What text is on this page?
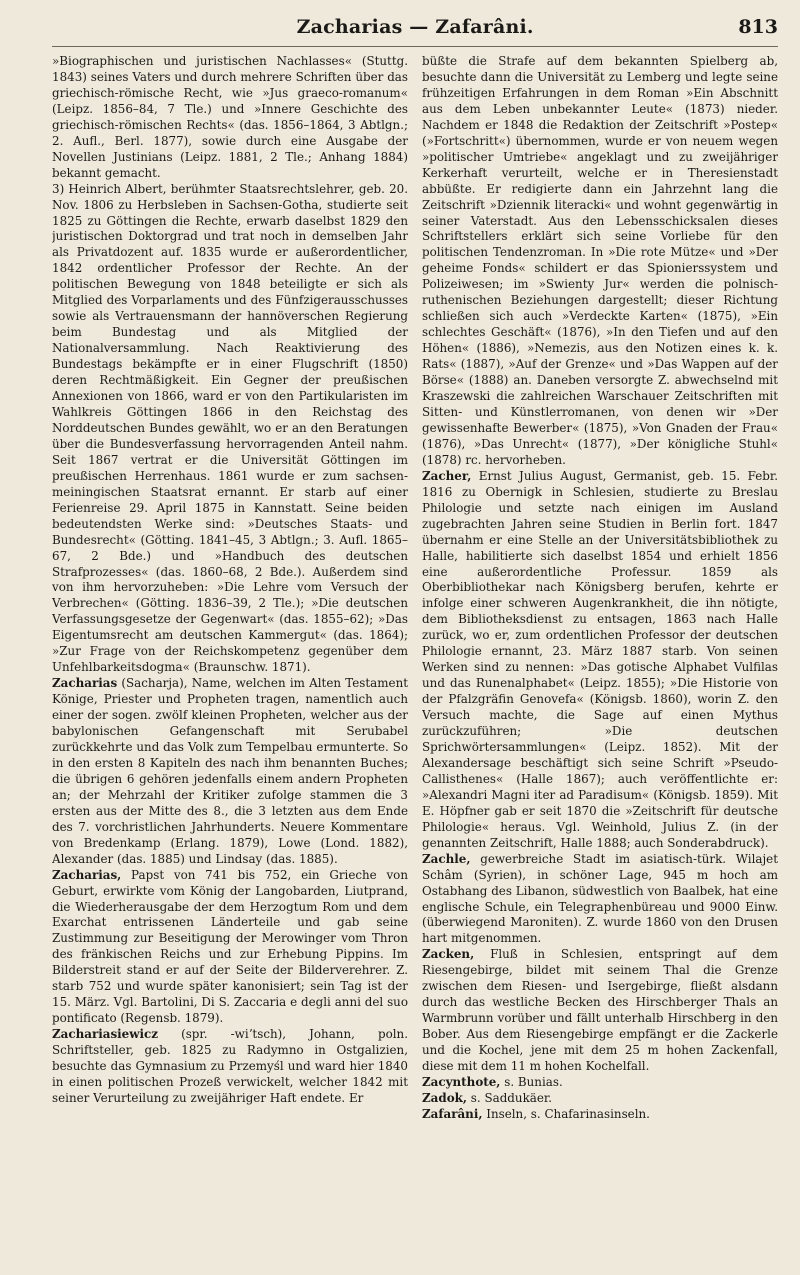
Zacharias — Zafarâni.	813

»Biographischen und juristischen Nachlasses« (Stuttg. 1843) seines Vaters und durch mehrere Schriften über das griechisch-römische Recht, wie »Jus graeco-romanum« (Leipz. 1856–84, 7 Tle.) und »Innere Geschichte des griechisch-römischen Rechts« (das. 1856–1864, 3 Abtlgn.; 2. Aufl., Berl. 1877), sowie durch eine Ausgabe der Novellen Justinians (Leipz. 1881, 2 Tle.; Anhang 1884) bekannt gemacht.

3) Heinrich Albert, berühmter Staatsrechtslehrer, geb. 20. Nov. 1806 zu Herbsleben in Sachsen-Gotha, studierte seit 1825 zu Göttingen die Rechte, erwarb daselbst 1829 den juristischen Doktorgrad und trat noch in demselben Jahr als Privatdozent auf. 1835 wurde er außerordentlicher, 1842 ordentlicher Professor der Rechte. An der politischen Bewegung von 1848 beteiligte er sich als Mitglied des Vorparlaments und des Fünfzigerausschusses sowie als Vertrauensmann der hannöverschen Regierung beim Bundestag und als Mitglied der Nationalversammlung. Nach Reaktivierung des Bundestags bekämpfte er in einer Flugschrift (1850) deren Rechtmäßigkeit. Ein Gegner der preußischen Annexionen von 1866, ward er von den Partikularisten im Wahlkreis Göttingen 1866 in den Reichstag des Norddeutschen Bundes gewählt, wo er an den Beratungen über die Bundesverfassung hervorragenden Anteil nahm. Seit 1867 vertrat er die Universität Göttingen im preußischen Herrenhaus. 1861 wurde er zum sachsen-meiningischen Staatsrat ernannt. Er starb auf einer Ferienreise 29. April 1875 in Kannstatt. Seine beiden bedeutendsten Werke sind: »Deutsches Staats- und Bundesrecht« (Götting. 1841–45, 3 Abtlgn.; 3. Aufl. 1865–67, 2 Bde.) und »Handbuch des deutschen Strafprozesses« (das. 1860–68, 2 Bde.). Außerdem sind von ihm hervorzuheben: »Die Lehre vom Versuch der Verbrechen« (Götting. 1836–39, 2 Tle.); »Die deutschen Verfassungsgesetze der Gegenwart« (das. 1855–62); »Das Eigentumsrecht am deutschen Kammergut« (das. 1864); »Zur Frage von der Reichskompetenz gegenüber dem Unfehlbarkeitsdogma« (Braunschw. 1871).

Zacharias (Sacharja), Name, welchen im Alten Testament Könige, Priester und Propheten tragen, namentlich auch einer der sogen. zwölf kleinen Propheten, welcher aus der babylonischen Gefangenschaft mit Serubabel zurückkehrte und das Volk zum Tempelbau ermunterte. So in den ersten 8 Kapiteln des nach ihm benannten Buches; die übrigen 6 gehören jedenfalls einem andern Propheten an; der Mehrzahl der Kritiker zufolge stammen die 3 ersten aus der Mitte des 8., die 3 letzten aus dem Ende des 7. vorchristlichen Jahrhunderts. Neuere Kommentare von Bredenkamp (Erlang. 1879), Lowe (Lond. 1882), Alexander (das. 1885) und Lindsay (das. 1885).

Zacharias, Papst von 741 bis 752, ein Grieche von Geburt, erwirkte vom König der Langobarden, Liutprand, die Wiederherausgabe der dem Herzogtum Rom und dem Exarchat entrissenen Länderteile und gab seine Zustimmung zur Beseitigung der Merowinger vom Thron des fränkischen Reichs und zur Erhebung Pippins. Im Bilderstreit stand er auf der Seite der Bilderverehrer. Z. starb 752 und wurde später kanonisiert; sein Tag ist der 15. März. Vgl. Bartolini, Di S. Zaccaria e degli anni del suo pontificato (Regensb. 1879).

Zachariasiewicz (spr. -wiʼtsch), Johann, poln. Schriftsteller, geb. 1825 zu Radymno in Ostgalizien, besuchte das Gymnasium zu Przemyśl und ward hier 1840 in einen politischen Prozeß verwickelt, welcher 1842 mit seiner Verurteilung zu zweijähriger Haft endete. Er

büßte die Strafe auf dem bekannten Spielberg ab, besuchte dann die Universität zu Lemberg und legte seine frühzeitigen Erfahrungen in dem Roman »Ein Abschnitt aus dem Leben unbekannter Leute« (1873) nieder. Nachdem er 1848 die Redaktion der Zeitschrift »Postep« (»Fortschritt«) übernommen, wurde er von neuem wegen »politischer Umtriebe« angeklagt und zu zweijähriger Kerkerhaft verurteilt, welche er in Theresienstadt abbüßte. Er redigierte dann ein Jahrzehnt lang die Zeitschrift »Dziennik literacki« und wohnt gegenwärtig in seiner Vaterstadt. Aus den Lebensschicksalen dieses Schriftstellers erklärt sich seine Vorliebe für den politischen Tendenzroman. In »Die rote Mütze« und »Der geheime Fonds« schildert er das Spionierssystem und Polizeiwesen; im »Swienty Jur« werden die polnisch-ruthenischen Beziehungen dargestellt; dieser Richtung schließen sich auch »Verdeckte Karten« (1875), »Ein schlechtes Geschäft« (1876), »In den Tiefen und auf den Höhen« (1886), »Nemezis, aus den Notizen eines k. k. Rats« (1887), »Auf der Grenze« und »Das Wappen auf der Börse« (1888) an. Daneben versorgte Z. abwechselnd mit Kraszewski die zahlreichen Warschauer Zeitschriften mit Sitten- und Künstlerromanen, von denen wir »Der gewissenhafte Bewerber« (1875), »Von Gnaden der Frau« (1876), »Das Unrecht« (1877), »Der königliche Stuhl« (1878) rc. hervorheben.

Zacher, Ernst Julius August, Germanist, geb. 15. Febr. 1816 zu Obernigk in Schlesien, studierte zu Breslau Philologie und setzte nach einigen im Ausland zugebrachten Jahren seine Studien in Berlin fort. 1847 übernahm er eine Stelle an der Universitätsbibliothek zu Halle, habilitierte sich daselbst 1854 und erhielt 1856 eine außerordentliche Professur. 1859 als Oberbibliothekar nach Königsberg berufen, kehrte er infolge einer schweren Augenkrankheit, die ihn nötigte, dem Bibliotheksdienst zu entsagen, 1863 nach Halle zurück, wo er, zum ordentlichen Professor der deutschen Philologie ernannt, 23. März 1887 starb. Von seinen Werken sind zu nennen: »Das gotische Alphabet Vulfilas und das Runenalphabet« (Leipz. 1855); »Die Historie von der Pfalzgräfin Genovefa« (Königsb. 1860), worin Z. den Versuch machte, die Sage auf einen Mythus zurückzuführen; »Die deutschen Sprichwörtersammlungen« (Leipz. 1852). Mit der Alexandersage beschäftigt sich seine Schrift »Pseudo-Callisthenes« (Halle 1867); auch veröffentlichte er: »Alexandri Magni iter ad Paradisum« (Königsb. 1859). Mit E. Höpfner gab er seit 1870 die »Zeitschrift für deutsche Philologie« heraus. Vgl. Weinhold, Julius Z. (in der genannten Zeitschrift, Halle 1888; auch Sonderabdruck).

Zachle, gewerbreiche Stadt im asiatisch-türk. Wilajet Schâm (Syrien), in schöner Lage, 945 m hoch am Ostabhang des Libanon, südwestlich von Baalbek, hat eine englische Schule, ein Telegraphenbüreau und 9000 Einw. (überwiegend Maroniten). Z. wurde 1860 von den Drusen hart mitgenommen.

Zacken, Fluß in Schlesien, entspringt auf dem Riesengebirge, bildet mit seinem Thal die Grenze zwischen dem Riesen- und Isergebirge, fließt alsdann durch das westliche Becken des Hirschberger Thals an Warmbrunn vorüber und fällt unterhalb Hirschberg in den Bober. Aus dem Riesengebirge empfängt er die Zackerle und die Kochel, jene mit dem 25 m hohen Zackenfall, diese mit dem 11 m hohen Kochelfall.

Zacynthote, s. Bunias.

Zadok, s. Saddukäer.

Zafarâni, Inseln, s. Chafarinasinseln.
